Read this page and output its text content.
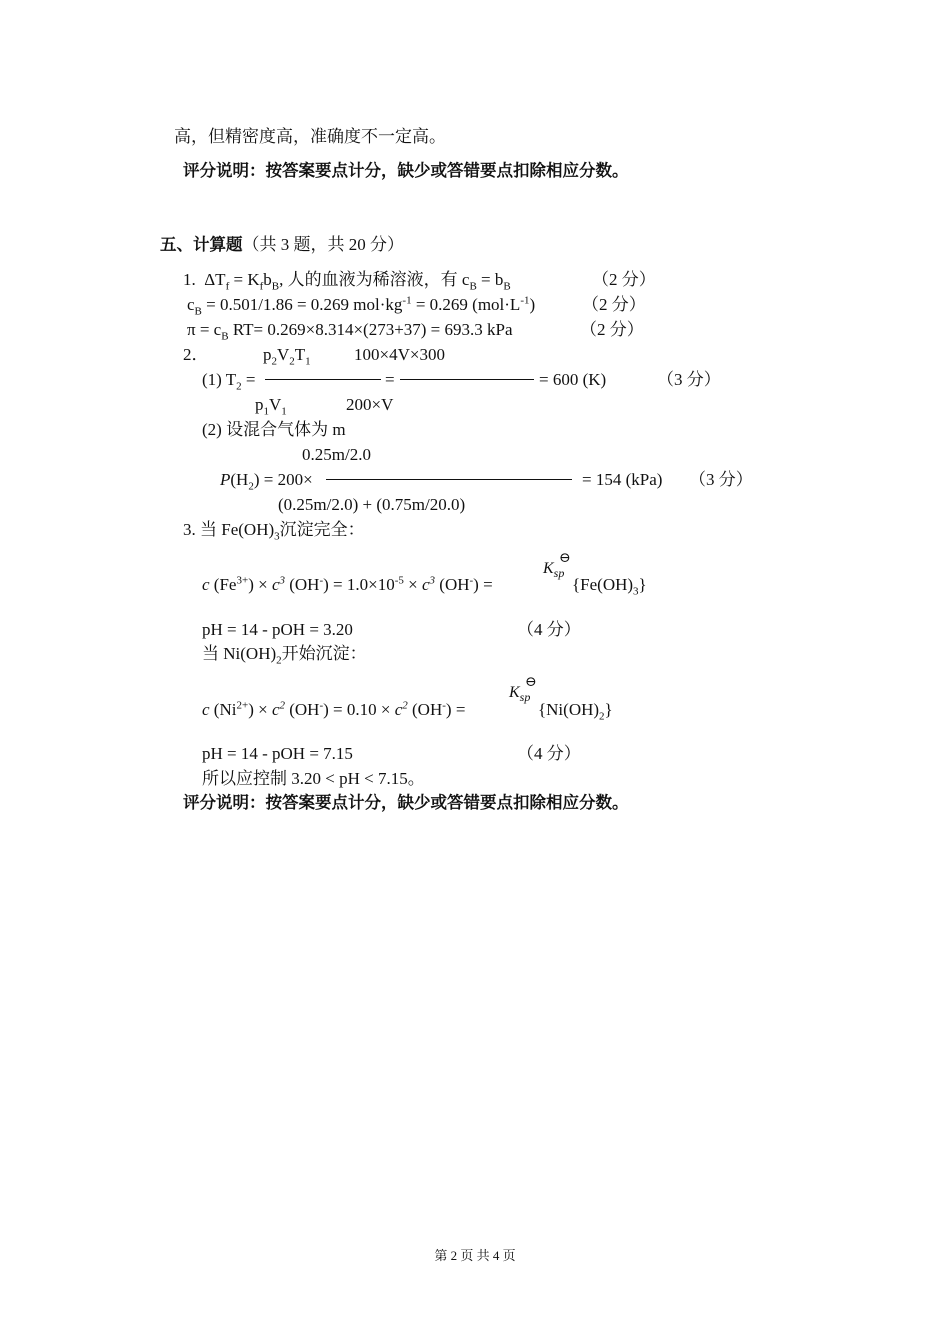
高，但精密度高，准确度不一定高。
评分说明：按答案要点计分，缺少或答错要点扣除相应分数。
五、计算题（共 3 题，共 20 分）
1.  $\Delta T_f = K_fb_B$, 人的血液为稀溶液，有 $c_B = b_B$	（2 分）
$c_B = 0.501/1.86 = 0.269$ $mol\cdot kg^{-1} = 0.269$ $(mol\cdot L^{-1})$	（2 分）
$\pi = c_B$ RT= 0.269×8.314×(273+37) = 693.3 kPa	（2 分）
2．	$p_2V_2T_1$	100×4V×300
(1) $T_2$ =	=	= 600 (K)	（3 分）
$p_1V_1$	200×V
(2) 设混合气体为 m
0.25m/2.0
$P(H_2) = 200\times$	= 154 (kPa) （3 分）
(0.25m/2.0) + (0.75m/20.0)
3. 当 $Fe(OH)_3$沉淀完全：
$K_{sp}$
⊖
c $(Fe^{3+}) \times c^3$ $(OH^-) = 1.0\times 10^{-5} \times c^3$ (OH-) =	$\{Fe(OH)_3\}$
pH = 14 - pOH = 3.20	（4 分）
当 $Ni(OH)_2$开始沉淀：
$K_{sp}$
⊖
c $(Ni^{2+}) \times c^2$ $(OH^-) = 0.10 \times c^2$ (OH-) =	$\{Ni(OH)_2\}$
pH = 14 - pOH = 7.15	（4 分）
所以应控制 3.20 < pH < 7.15。
评分说明：按答案要点计分，缺少或答错要点扣除相应分数。
第 2 页 共 4 页
